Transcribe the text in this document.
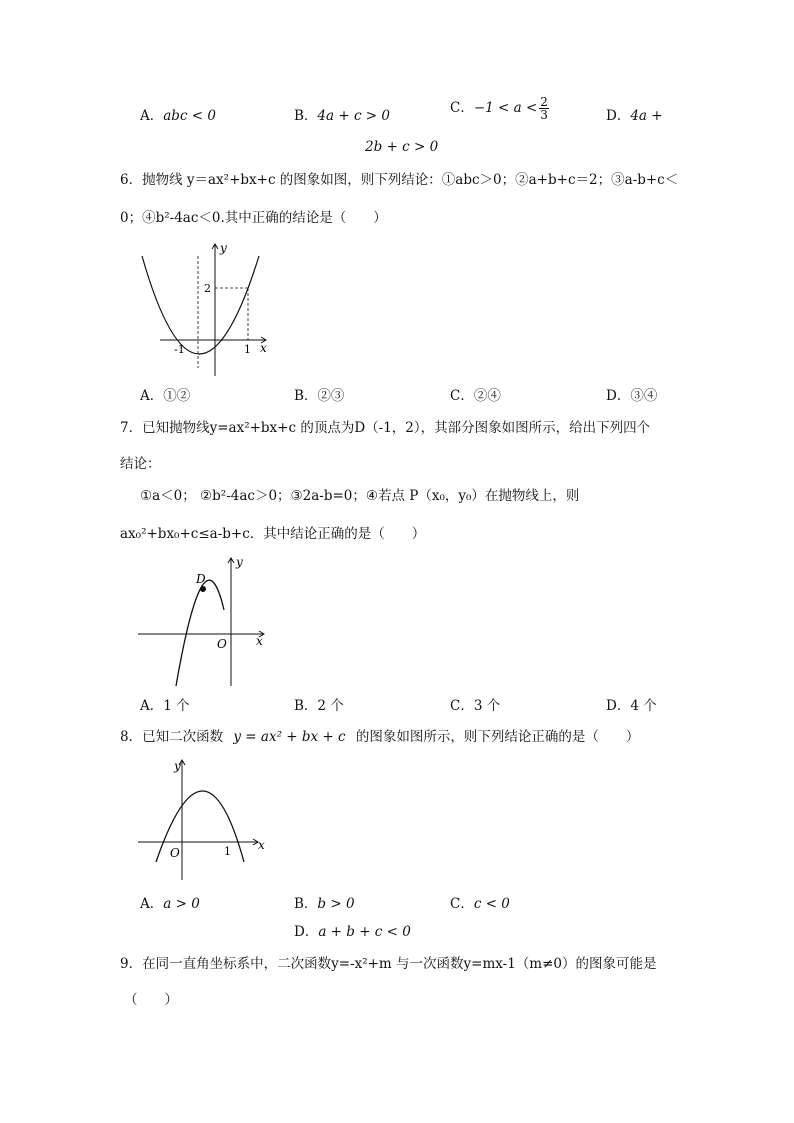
A．abc < 0	B．4a + c > 0	C．$-1 < a < \frac{2}{3}$	D．4a +
2b + c > 0
6．抛物线 y＝ax²+bx+c 的图象如图，则下列结论：①abc＞0；②a+b+c＝2；③a-b+c＜
0；④b²-4ac＜0.其中正确的结论是（　　）
y
x
2
-1	1
A．①②	B．②③	C．②④	D．③④
7．已知抛物线y=ax²+bx+c 的顶点为D（-1，2），其部分图象如图所示，给出下列四个
结论：
①a＜0； ②b²-4ac＞0；③2a-b=0；④若点 P（x₀，y₀）在抛物线上，则
ax₀²+bx₀+c≤a-b+c．其中结论正确的是（　　）
y
x
D
O
A．1 个	B．2 个	C．3 个	D．4 个
8．已知二次函数 y = ax² + bx + c 的图象如图所示，则下列结论正确的是（　　）
y
x
O	1
A．a > 0	B．b > 0	C．c < 0
D．a + b + c < 0
9．在同一直角坐标系中，二次函数y=-x²+m 与一次函数y=mx-1（m≠0）的图象可能是
（　　）
